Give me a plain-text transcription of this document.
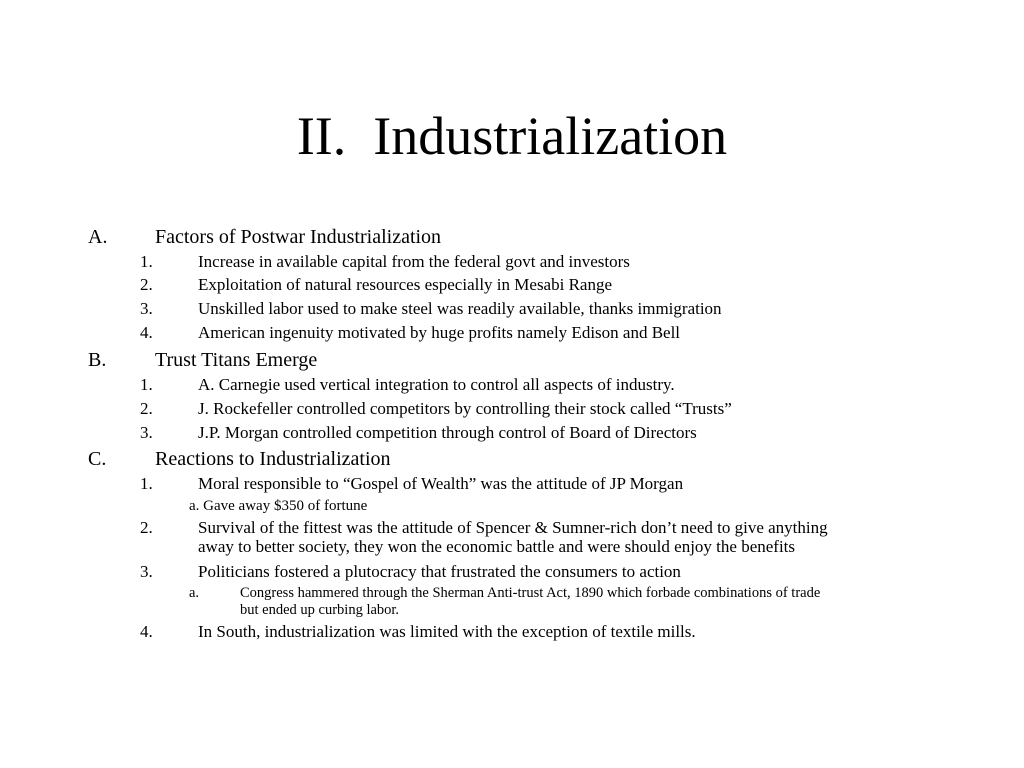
II.  Industrialization
A. Factors of Postwar Industrialization
1.	Increase in available capital from the federal govt and investors
2.	Exploitation of natural resources especially in Mesabi Range
3.	Unskilled labor used to make steel was readily available, thanks immigration
4.	American ingenuity motivated by huge profits namely Edison and Bell
B. Trust Titans Emerge
1.	A. Carnegie used vertical integration to control all aspects of industry.
2.	J. Rockefeller controlled competitors by controlling their stock called “Trusts”
3.	J.P. Morgan controlled competition through control of Board of Directors
C. Reactions to Industrialization
1.	Moral responsible to “Gospel of Wealth” was the attitude of JP Morgan
a. Gave away $350 of fortune
2.	Survival of the fittest was the attitude of Spencer & Sumner-rich don’t need to give anything
away to better society, they won the economic battle and were should enjoy the benefits
3.	Politicians fostered a plutocracy that frustrated the consumers to action
a.	Congress hammered through the Sherman Anti-trust Act, 1890 which forbade combinations of trade
but ended up curbing labor.
4.	In South, industrialization was limited with the exception of textile mills.
